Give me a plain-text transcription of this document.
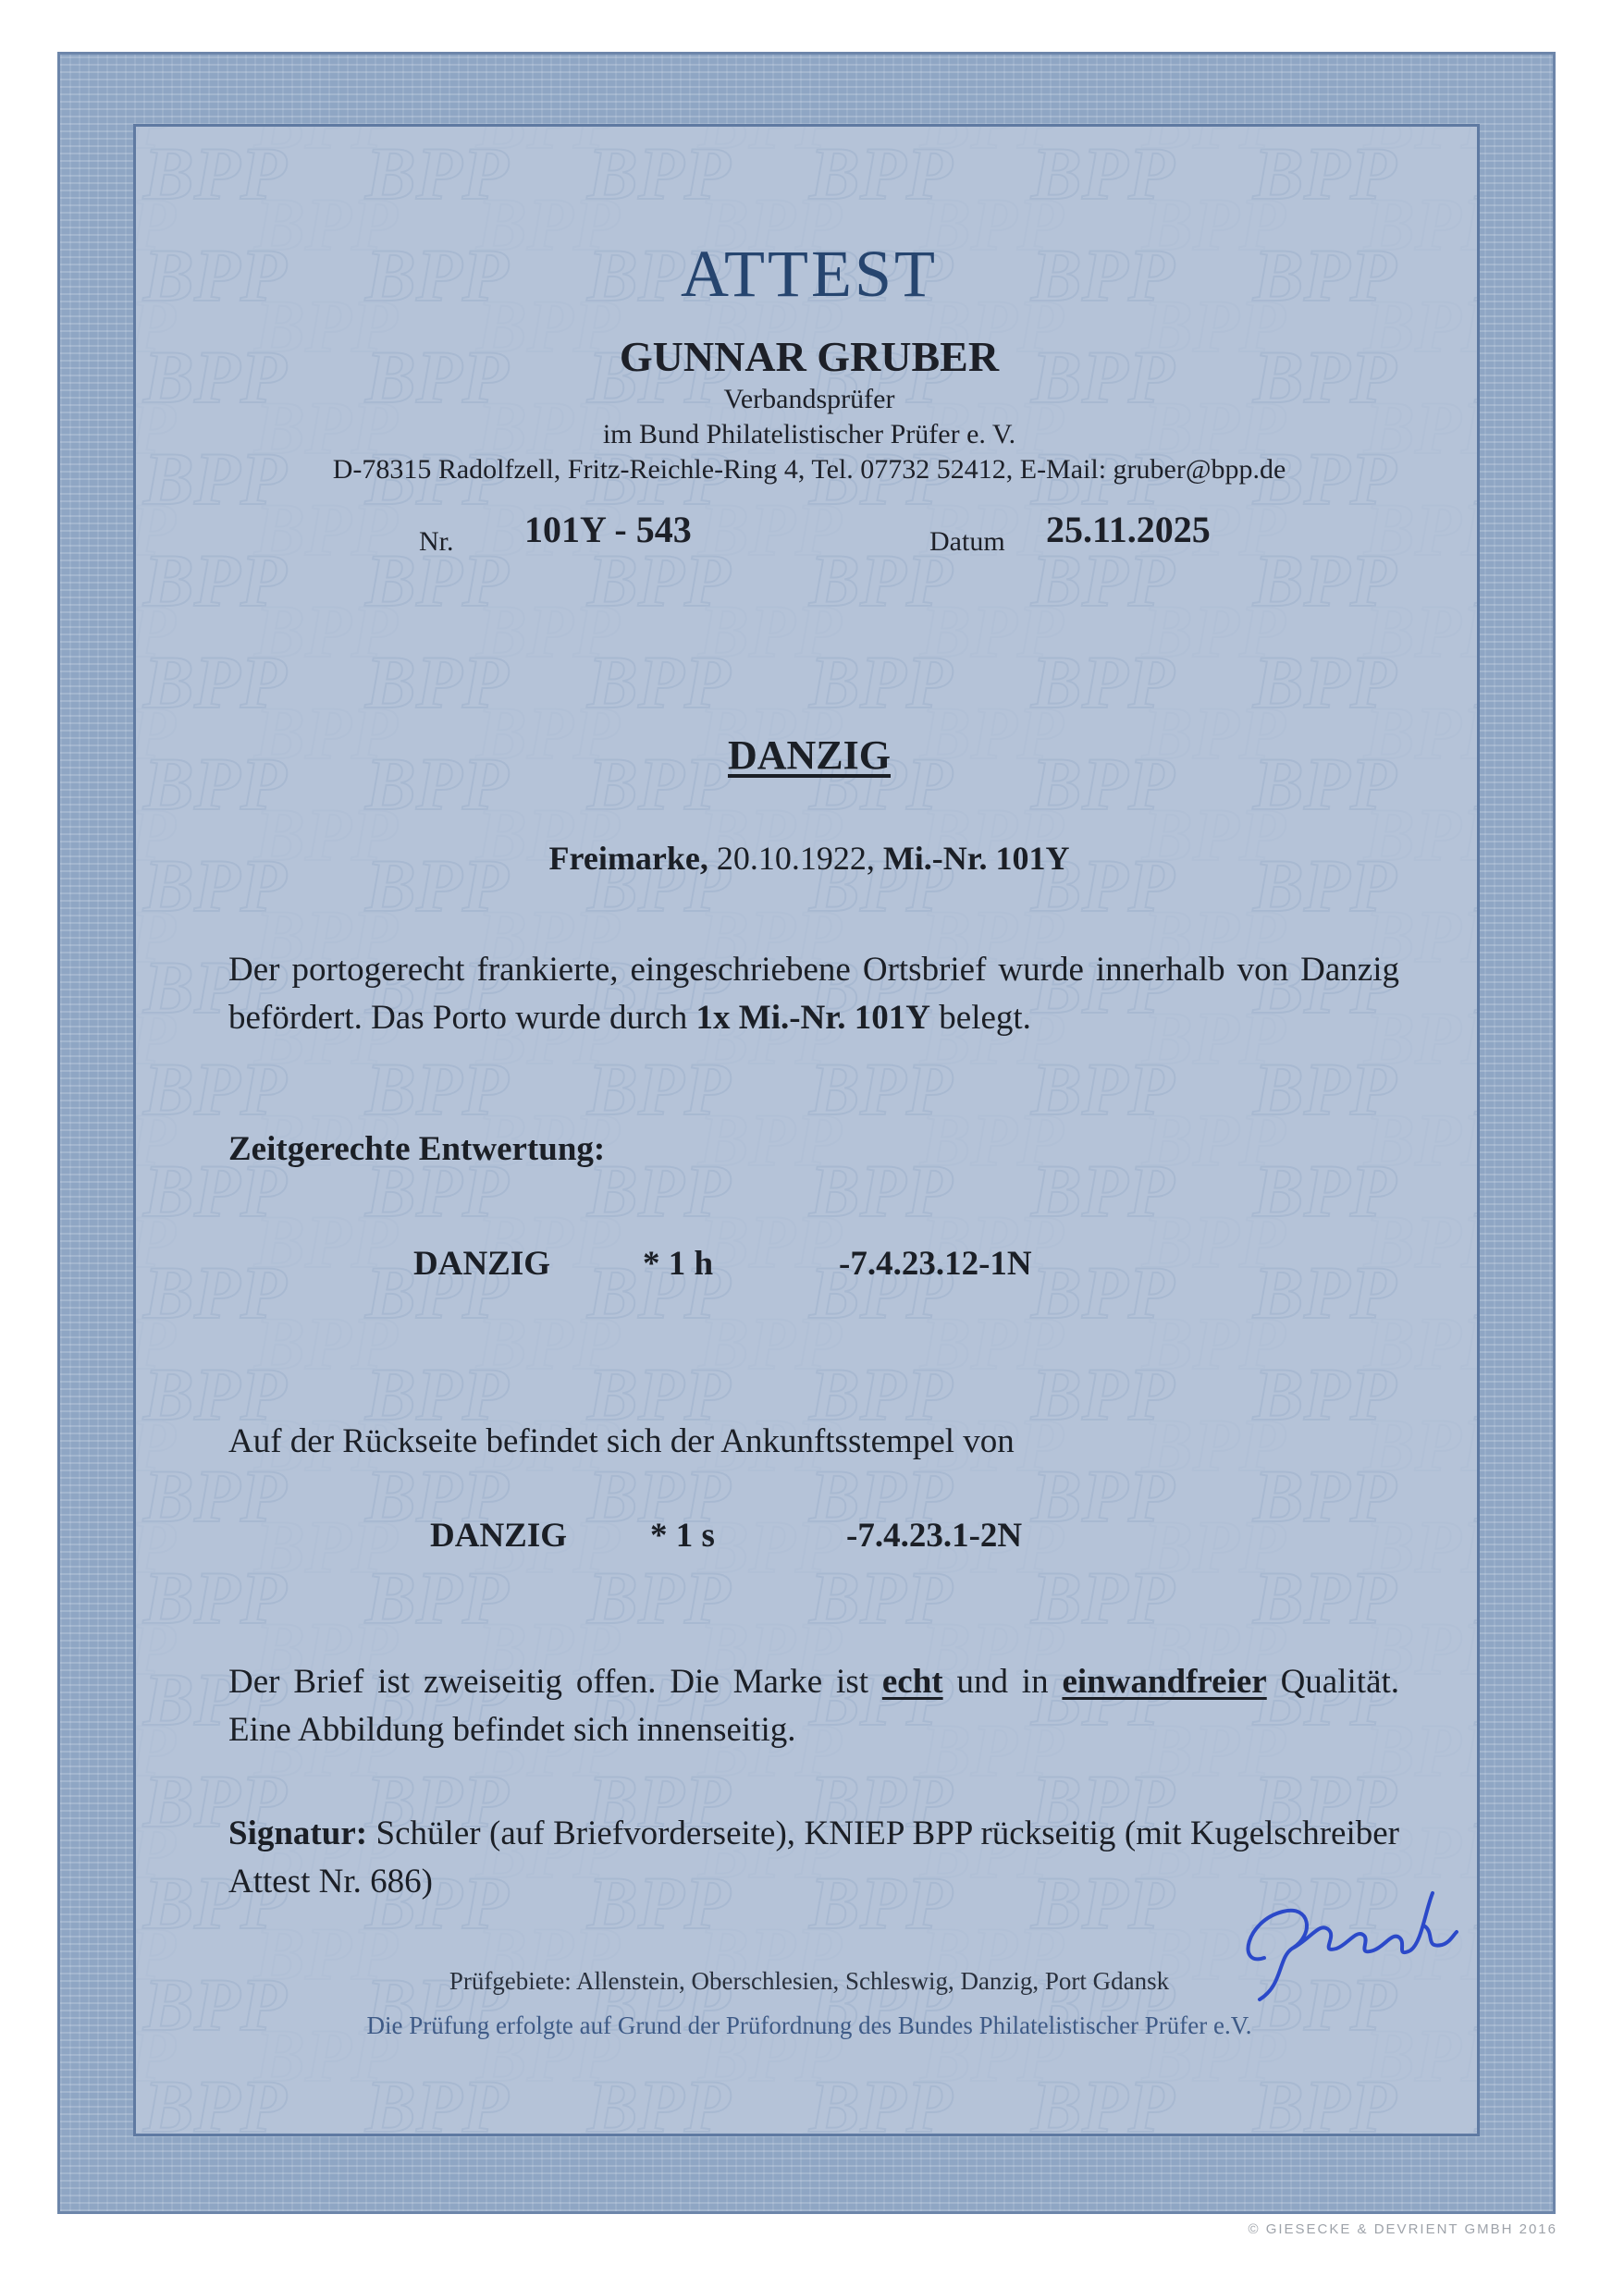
ATTEST
GUNNAR GRUBER
Verbandsprüfer
im Bund Philatelistischer Prüfer e. V.
D-78315 Radolfzell, Fritz-Reichle-Ring 4, Tel. 07732 52412, E-Mail: gruber@bpp.de
Nr. 101Y - 543	Datum 25.11.2025
DANZIG
Freimarke, 20.10.1922, Mi.-Nr. 101Y
Der portogerecht frankierte, eingeschriebene Ortsbrief wurde innerhalb von Danzig befördert. Das Porto wurde durch 1x Mi.-Nr. 101Y belegt.
Zeitgerechte Entwertung:
DANZIG	* 1 h	-7.4.23.12-1N
Auf der Rückseite befindet sich der Ankunftsstempel von
DANZIG * 1 s	-7.4.23.1-2N
Der Brief ist zweiseitig offen. Die Marke ist echt und in einwandfreier Qualität. Eine Abbildung befindet sich innenseitig.
Signatur: Schüler (auf Briefvorderseite), KNIEP BPP rückseitig (mit Kugelschreiber Attest Nr. 686)
Prüfgebiete: Allenstein, Oberschlesien, Schleswig, Danzig, Port Gdansk
Die Prüfung erfolgte auf Grund der Prüfordnung des Bundes Philatelistischer Prüfer e.V.
© GIESECKE & DEVRIENT GMBH 2016
